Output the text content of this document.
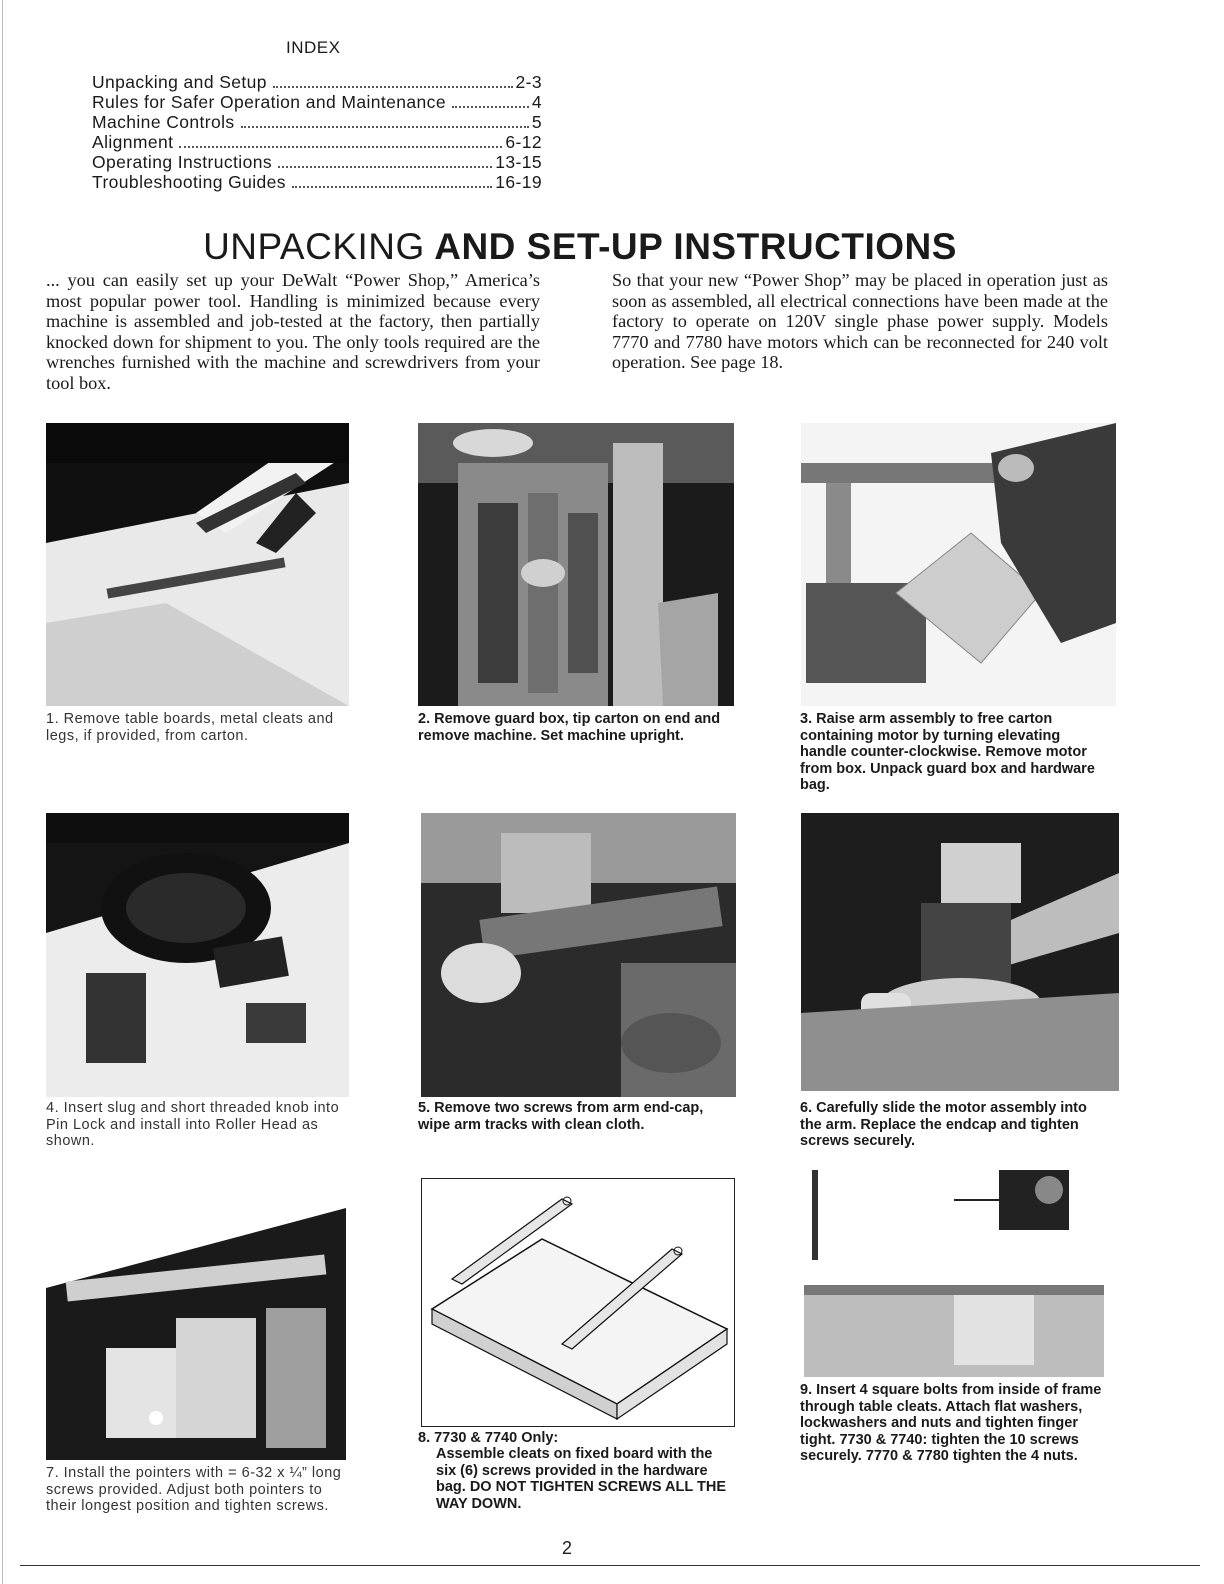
INDEX
Unpacking and Setup	2-3
Rules for Safer Operation and Maintenance	4
Machine Controls	5
Alignment	6-12
Operating Instructions	13-15
Troubleshooting Guides	16-19
UNPACKING AND SET-UP INSTRUCTIONS

... you can easily set up your DeWalt “Power Shop,” America’s most popular power tool. Handling is minimized because every machine is assembled and job-tested at the factory, then partially knocked down for shipment to you. The only tools required are the wrenches furnished with the machine and screwdrivers from your tool box.

So that your new “Power Shop” may be placed in operation just as soon as assembled, all electrical connections have been made at the factory to operate on 120V single phase power supply. Models 7770 and 7780 have motors which can be reconnected for 240 volt operation. See page 18.

1. Remove table boards, metal cleats and legs, if provided, from carton.

2. Remove guard box, tip carton on end and remove machine. Set machine upright.

3. Raise arm assembly to free carton containing motor by turning elevating handle counter-clockwise. Remove motor from box. Unpack guard box and hardware bag.

4. Insert slug and short threaded knob into Pin Lock and install into Roller Head as shown.

5. Remove two screws from arm end-cap, wipe arm tracks with clean cloth.

6. Carefully slide the motor assembly into the arm. Replace the endcap and tighten screws securely.

7. Install the pointers with = 6-32 x ¼” long screws provided. Adjust both pointers to their longest position and tighten screws.

8. 7730 & 7740 Only:

Assemble cleats on fixed board with the six (6) screws provided in the hardware bag. DO NOT TIGHTEN SCREWS ALL THE WAY DOWN.

9. Insert 4 square bolts from inside of frame through table cleats. Attach flat washers, lockwashers and nuts and tighten finger tight. 7730 & 7740: tighten the 10 screws securely. 7770 & 7780 tighten the 4 nuts.

2
